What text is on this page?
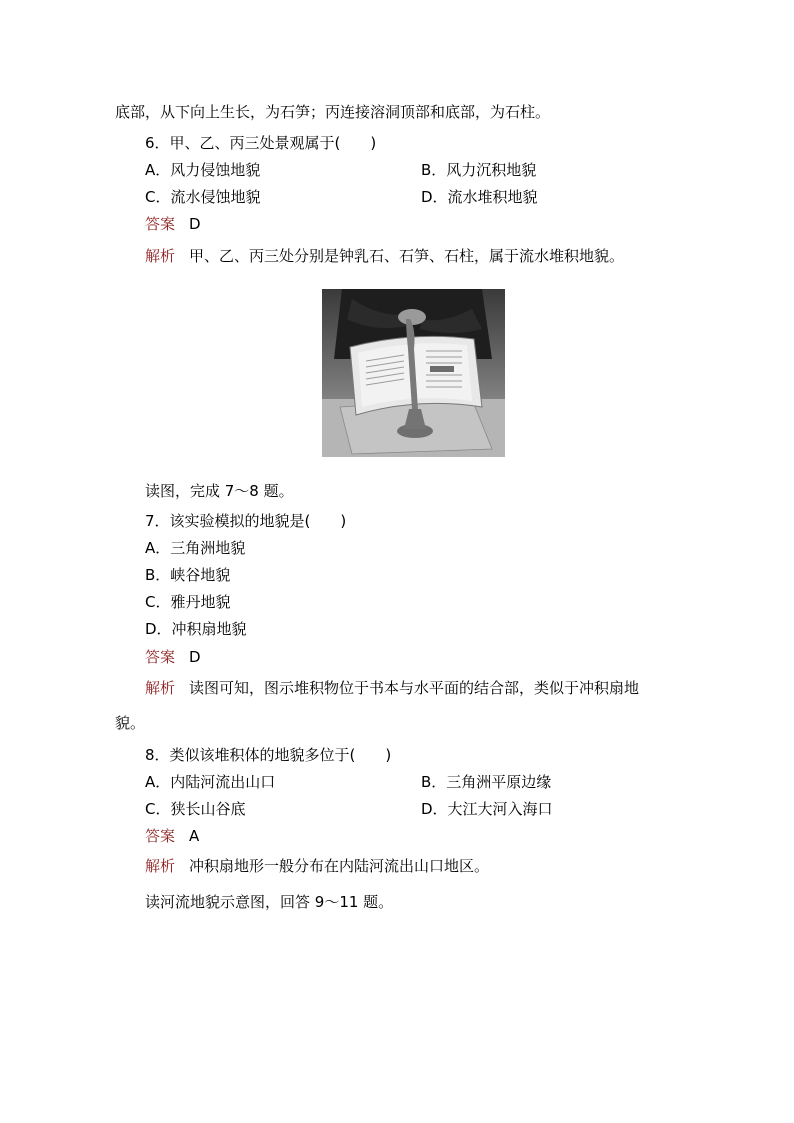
底部，从下向上生长，为石笋；丙连接溶洞顶部和底部，为石柱。
6．甲、乙、丙三处景观属于(　　)
A．风力侵蚀地貌	B．风力沉积地貌
C．流水侵蚀地貌	D．流水堆积地貌
答案 D
解析 甲、乙、丙三处分别是钟乳石、石笋、石柱，属于流水堆积地貌。
读图，完成 7～8 题。
7．该实验模拟的地貌是(　　)
A．三角洲地貌
B．峡谷地貌
C．雅丹地貌
D．冲积扇地貌
答案 D
解析 读图可知，图示堆积物位于书本与水平面的结合部，类似于冲积扇地
貌。
8．类似该堆积体的地貌多位于(　　)
A．内陆河流出山口	B．三角洲平原边缘
C．狭长山谷底	D．大江大河入海口
答案 A
解析 冲积扇地形一般分布在内陆河流出山口地区。
读河流地貌示意图，回答 9～11 题。
